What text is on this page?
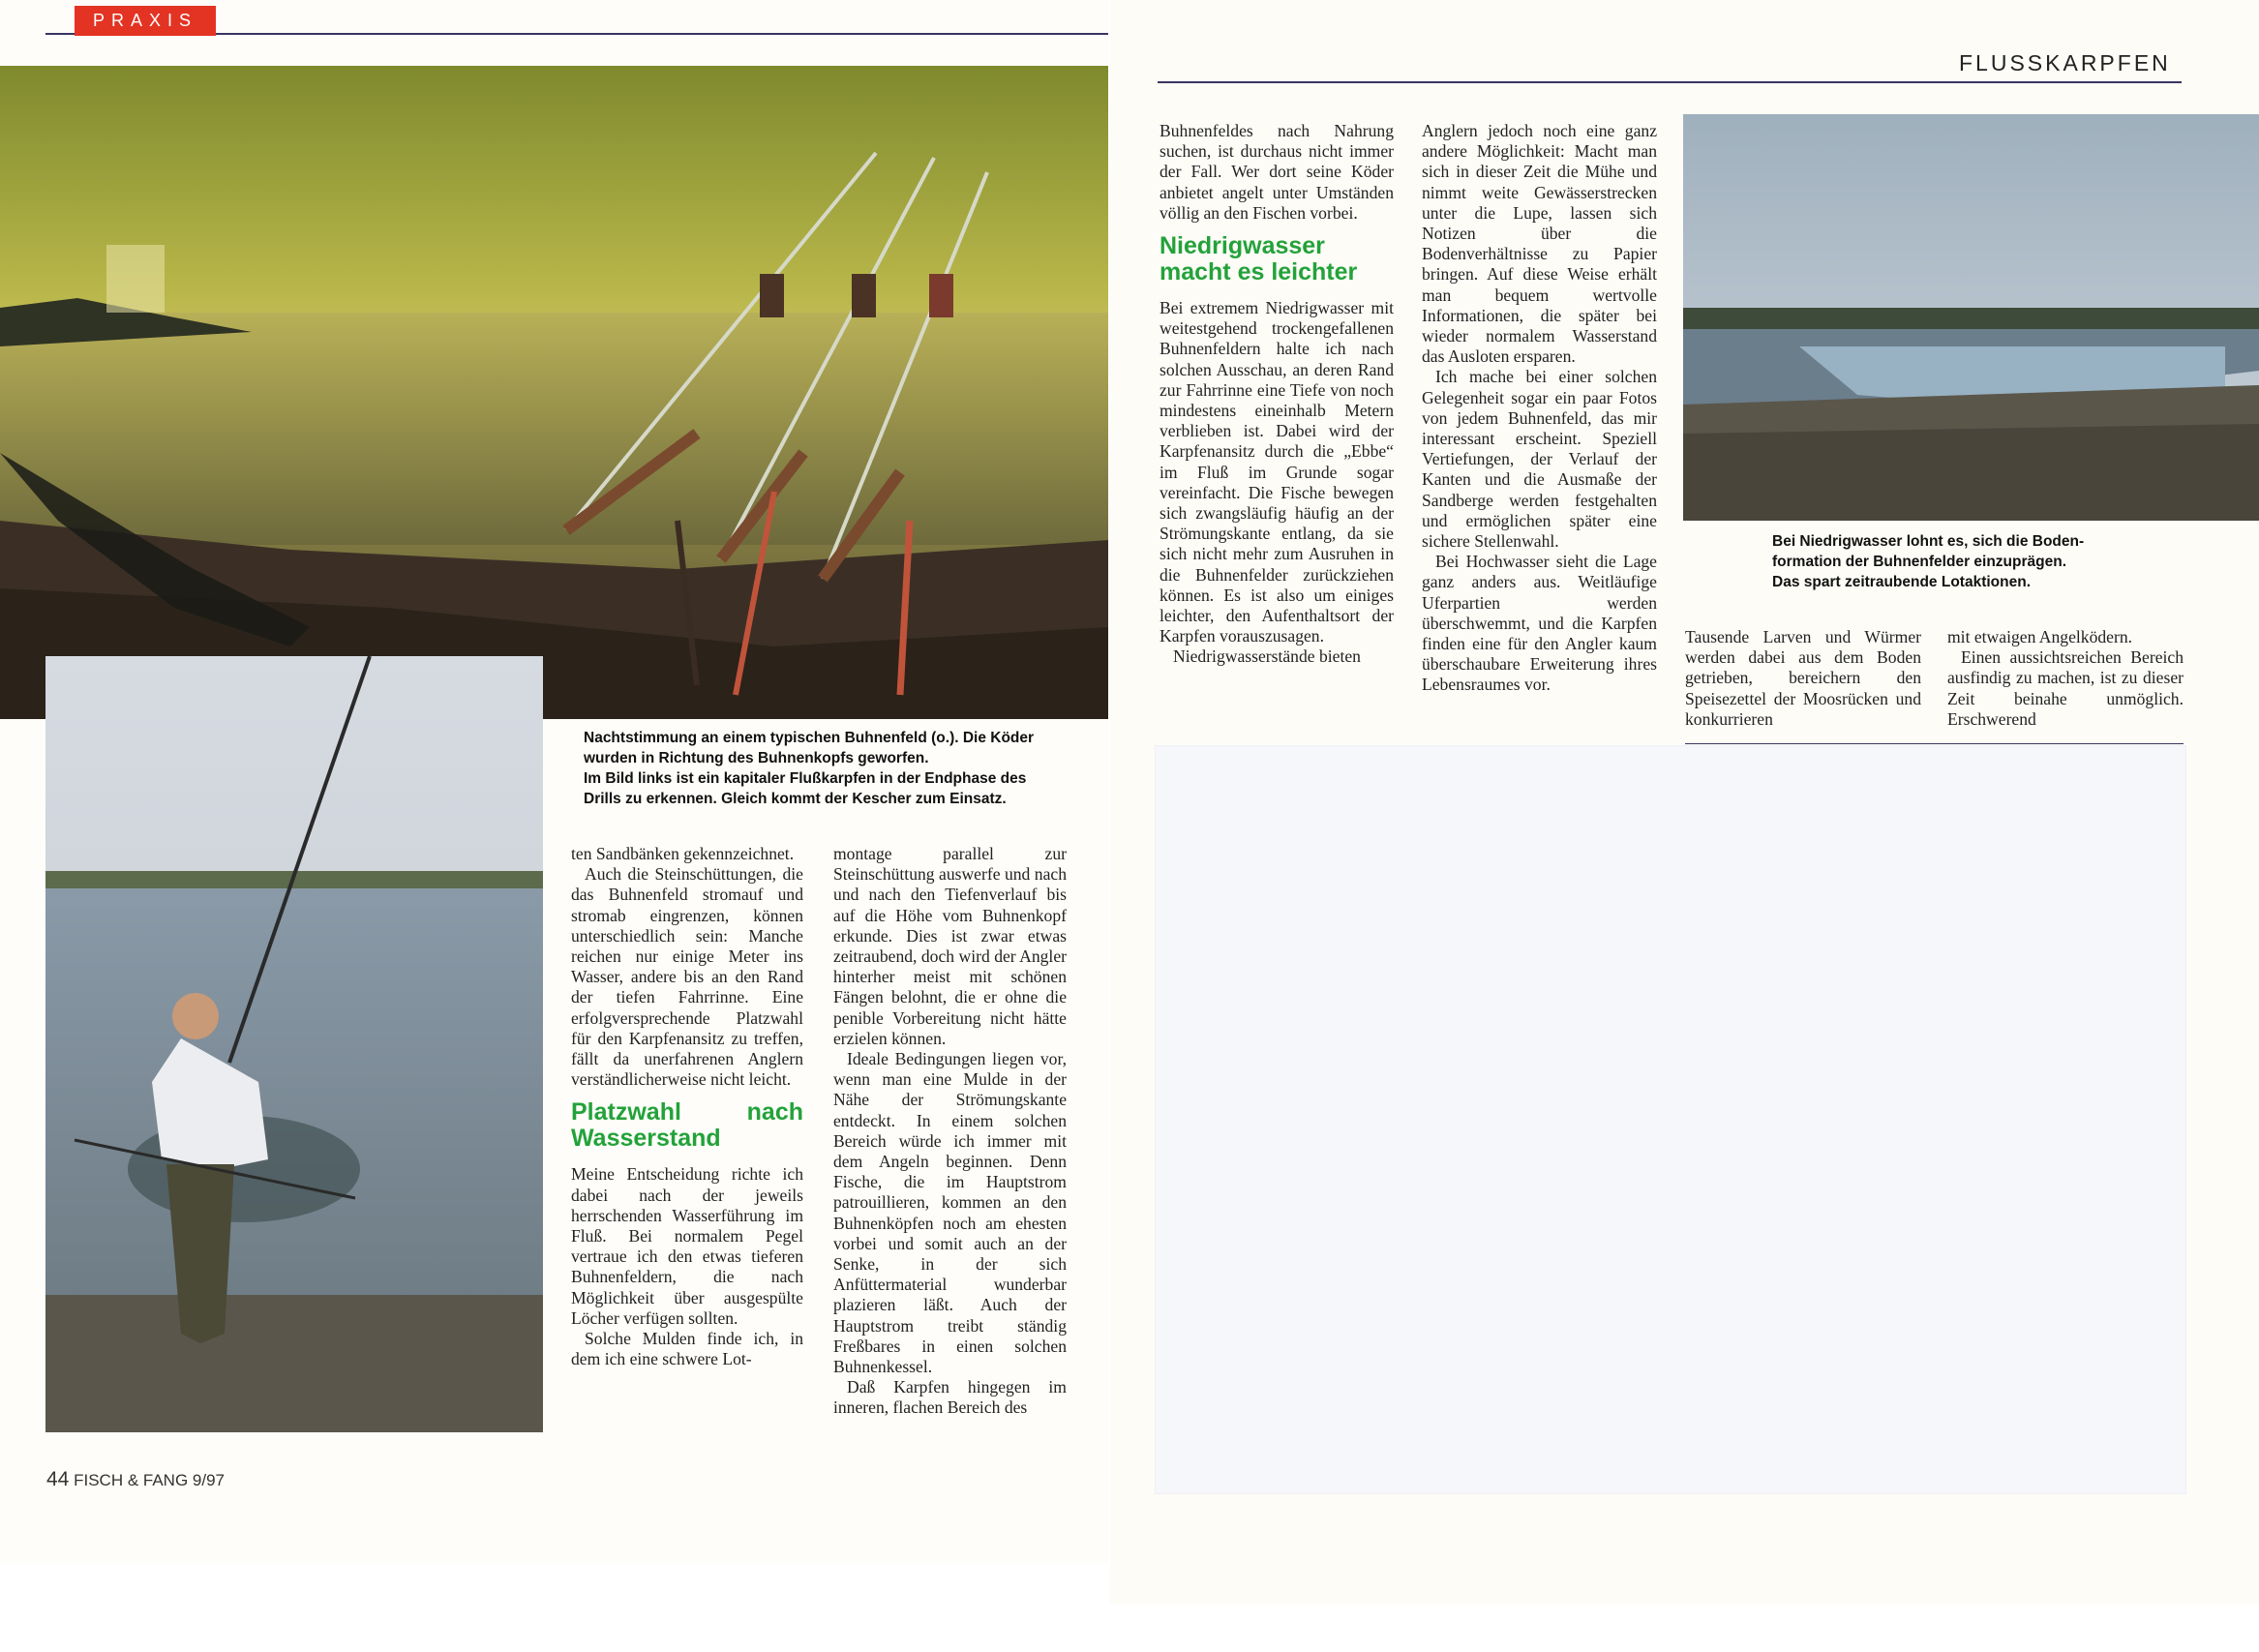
PRAXIS
Nachtstimmung an einem typischen Buhnenfeld (o.). Die Köder
wurden in Richtung des Buhnenkopfs geworfen.
Im Bild links ist ein kapitaler Flußkarpfen in der Endphase des
Drills zu erkennen. Gleich kommt der Kescher zum Einsatz.

ten Sandbänken gekennzeichnet.

Auch die Steinschüttungen, die das Buhnenfeld stromauf und stromab eingrenzen, können unterschiedlich sein: Manche reichen nur einige Meter ins Wasser, andere bis an den Rand der tiefen Fahrrinne. Eine erfolgversprechende Platzwahl für den Karpfenansitz zu treffen, fällt da unerfahrenen Anglern verständlicherweise nicht leicht.

Platzwahl nach Wasserstand

Meine Entscheidung richte ich dabei nach der jeweils herrschenden Wasserführung im Fluß. Bei normalem Pegel vertraue ich den etwas tieferen Buhnenfeldern, die nach Möglichkeit über ausgespülte Löcher verfügen sollten.

Solche Mulden finde ich, in dem ich eine schwere Lot-

montage parallel zur Steinschüttung auswerfe und nach und nach den Tiefenverlauf bis auf die Höhe vom Buhnenkopf erkunde. Dies ist zwar etwas zeitraubend, doch wird der Angler hinterher meist mit schönen Fängen belohnt, die er ohne die penible Vorbereitung nicht hätte erzielen können.

Ideale Bedingungen liegen vor, wenn man eine Mulde in der Nähe der Strömungskante entdeckt. In einem solchen Bereich würde ich immer mit dem Angeln beginnen. Denn Fische, die im Hauptstrom patrouillieren, kommen an den Buhnenköpfen noch am ehesten vorbei und somit auch an der Senke, in der sich Anfüttermaterial wunderbar plazieren läßt. Auch der Hauptstrom treibt ständig Freßbares in einen solchen Buhnenkessel.

Daß Karpfen hingegen im inneren, flachen Bereich des

44 FISCH & FANG 9/97
FLUSSKARPFEN

Buhnenfeldes nach Nahrung suchen, ist durchaus nicht immer der Fall. Wer dort seine Köder anbietet angelt unter Umständen völlig an den Fischen vorbei.

Niedrigwasser macht es leichter

Bei extremem Niedrigwasser mit weitestgehend trockengefallenen Buhnenfeldern halte ich nach solchen Ausschau, an deren Rand zur Fahrrinne eine Tiefe von noch mindestens eineinhalb Metern verblieben ist. Dabei wird der Karpfenansitz durch die „Ebbe“ im Fluß im Grunde sogar vereinfacht. Die Fische bewegen sich zwangsläufig häufig an der Strömungskante entlang, da sie sich nicht mehr zum Ausruhen in die Buhnenfelder zurückziehen können. Es ist also um einiges leichter, den Aufenthaltsort der Karpfen vorauszusagen.

Niedrigwasserstände bieten

Anglern jedoch noch eine ganz andere Möglichkeit: Macht man sich in dieser Zeit die Mühe und nimmt weite Gewässerstrecken unter die Lupe, lassen sich Notizen über die Bodenverhältnisse zu Papier bringen. Auf diese Weise erhält man bequem wertvolle Informationen, die später bei wieder normalem Wasserstand das Ausloten ersparen.

Ich mache bei einer solchen Gelegenheit sogar ein paar Fotos von jedem Buhnenfeld, das mir interessant erscheint. Speziell Vertiefungen, der Verlauf der Kanten und die Ausmaße der Sandberge werden festgehalten und ermöglichen später eine sichere Stellenwahl.

Bei Hochwasser sieht die Lage ganz anders aus. Weitläufige Uferpartien werden überschwemmt, und die Karpfen finden eine für den Angler kaum überschaubare Erweiterung ihres Lebensraumes vor.

Bei Niedrigwasser lohnt es, sich die Boden-
formation der Buhnenfelder einzuprägen.
Das spart zeitraubende Lotaktionen.

Tausende Larven und Würmer werden dabei aus dem Boden getrieben, bereichern den Speisezettel der Moosrücken und konkurrieren

mit etwaigen Angelködern.

Einen aussichtsreichen Bereich ausfindig zu machen, ist zu dieser Zeit beinahe unmöglich. Erschwerend
